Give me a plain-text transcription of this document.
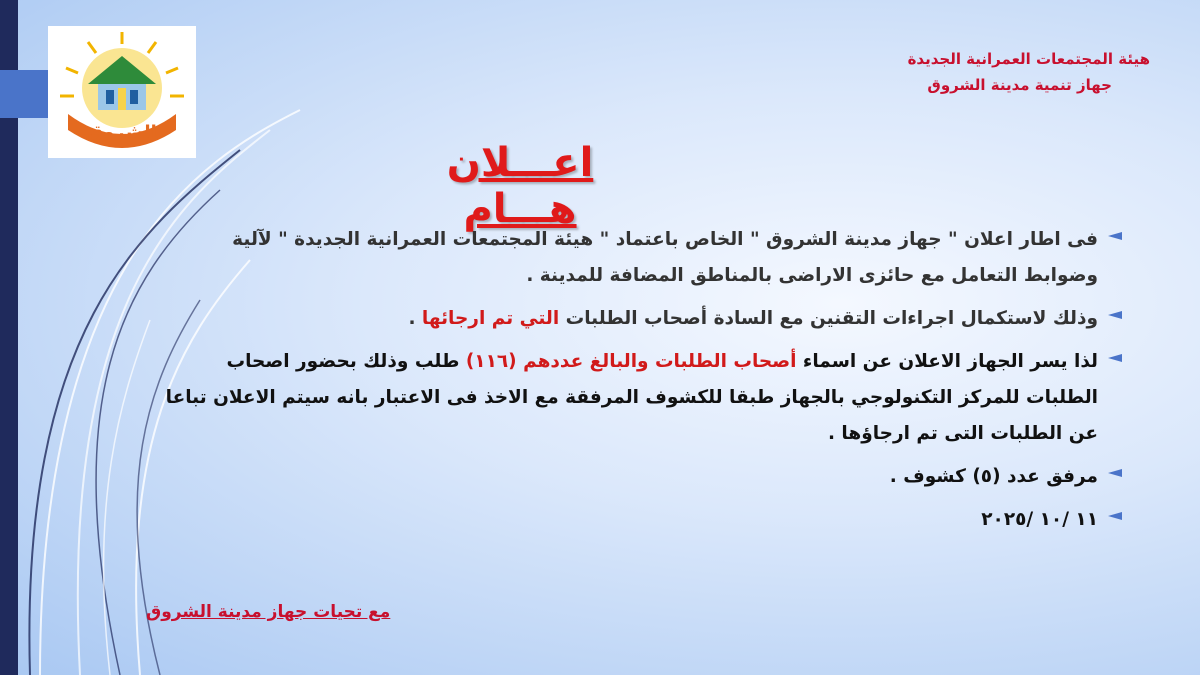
الشروق
هيئة المجتمعات العمرانية الجديدة
جهاز تنمية مدينة الشروق
اعـــلان هـــام
فى اطار اعلان " جهاز مدينة الشروق " الخاص باعتماد " هيئة المجتمعات العمرانية الجديدة " لآلية وضوابط التعامل مع حائزى الاراضى بالمناطق المضافة للمدينة .
وذلك لاستكمال اجراءات التقنين مع السادة أصحاب الطلبات التي تم ارجائها .
لذا يسر الجهاز الاعلان عن اسماء أصحاب الطلبات والبالغ عددهم (١١٦) طلب وذلك بحضور اصحاب الطلبات للمركز التكنولوجي بالجهاز طبقا للكشوف المرفقة مع الاخذ فى الاعتبار بانه سيتم الاعلان تباعا عن الطلبات التى تم ارجاؤها .
مرفق عدد (٥) كشوف .
١١ /١٠ /٢٠٢٥
مع تحيات جهاز مدينة الشروق
